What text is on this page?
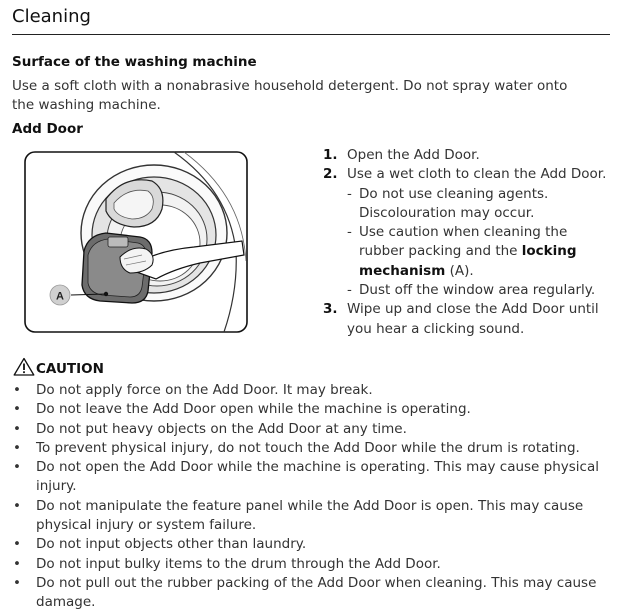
Cleaning
Surface of the washing machine
Use a soft cloth with a nonabrasive household detergent. Do not spray water onto the washing machine.
Add Door
A
1. Open the Add Door.
2. Use a wet cloth to clean the Add Door.
- Do not use cleaning agents. Discolouration may occur.
- Use caution when cleaning the rubber packing and the locking mechanism (A).
- Dust off the window area regularly.
3. Wipe up and close the Add Door until you hear a clicking sound.
CAUTION
• Do not apply force on the Add Door. It may break.
• Do not leave the Add Door open while the machine is operating.
• Do not put heavy objects on the Add Door at any time.
• To prevent physical injury, do not touch the Add Door while the drum is rotating.
• Do not open the Add Door while the machine is operating. This may cause physical injury.
• Do not manipulate the feature panel while the Add Door is open. This may cause physical injury or system failure.
• Do not input objects other than laundry.
• Do not input bulky items to the drum through the Add Door.
• Do not pull out the rubber packing of the Add Door when cleaning. This may cause damage.
